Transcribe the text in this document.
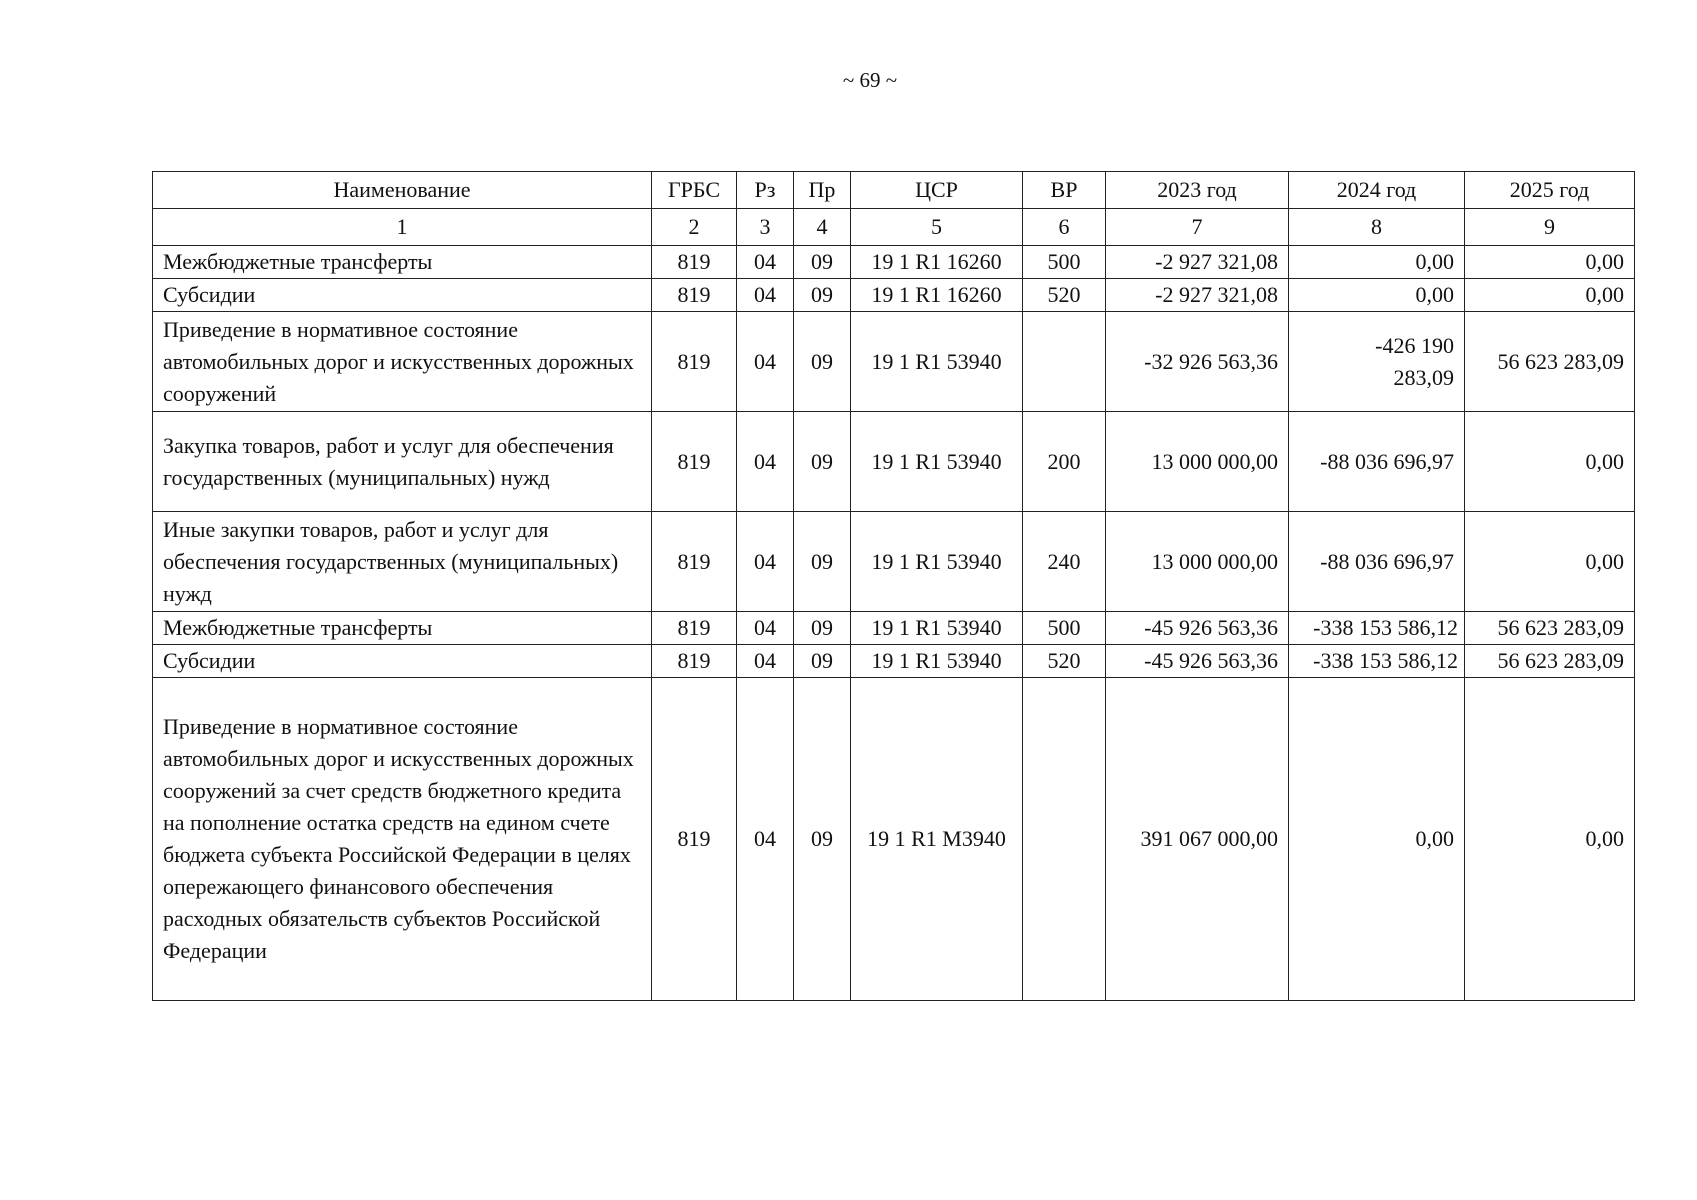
~ 69 ~
Наименование	ГРБС	Рз	Пр	ЦСР	ВР	2023 год	2024 год	2025 год
1	2	3	4	5	6	7	8	9
Межбюджетные трансферты	819	04	09	19 1 R1 16260	500	-2 927 321,08	0,00	0,00
Субсидии	819	04	09	19 1 R1 16260	520	-2 927 321,08	0,00	0,00
Приведение в нормативное состояние автомобильных дорог и искусственных дорожных сооружений	819	04	09	19 1 R1 53940		-32 926 563,36	-426 190 283,09	56 623 283,09
Закупка товаров, работ и услуг для обеспечения государственных (муниципальных) нужд	819	04	09	19 1 R1 53940	200	13 000 000,00	-88 036 696,97	0,00
Иные закупки товаров, работ и услуг для обеспечения государственных (муниципальных) нужд	819	04	09	19 1 R1 53940	240	13 000 000,00	-88 036 696,97	0,00
Межбюджетные трансферты	819	04	09	19 1 R1 53940	500	-45 926 563,36	-338 153 586,12	56 623 283,09
Субсидии	819	04	09	19 1 R1 53940	520	-45 926 563,36	-338 153 586,12	56 623 283,09
Приведение в нормативное состояние автомобильных дорог и искусственных дорожных сооружений за счет средств бюджетного кредита на пополнение остатка средств на едином счете бюджета субъекта Российской Федерации в целях опережающего финансового обеспечения расходных обязательств субъектов Российской Федерации	819	04	09	19 1 R1 M3940		391 067 000,00	0,00	0,00
